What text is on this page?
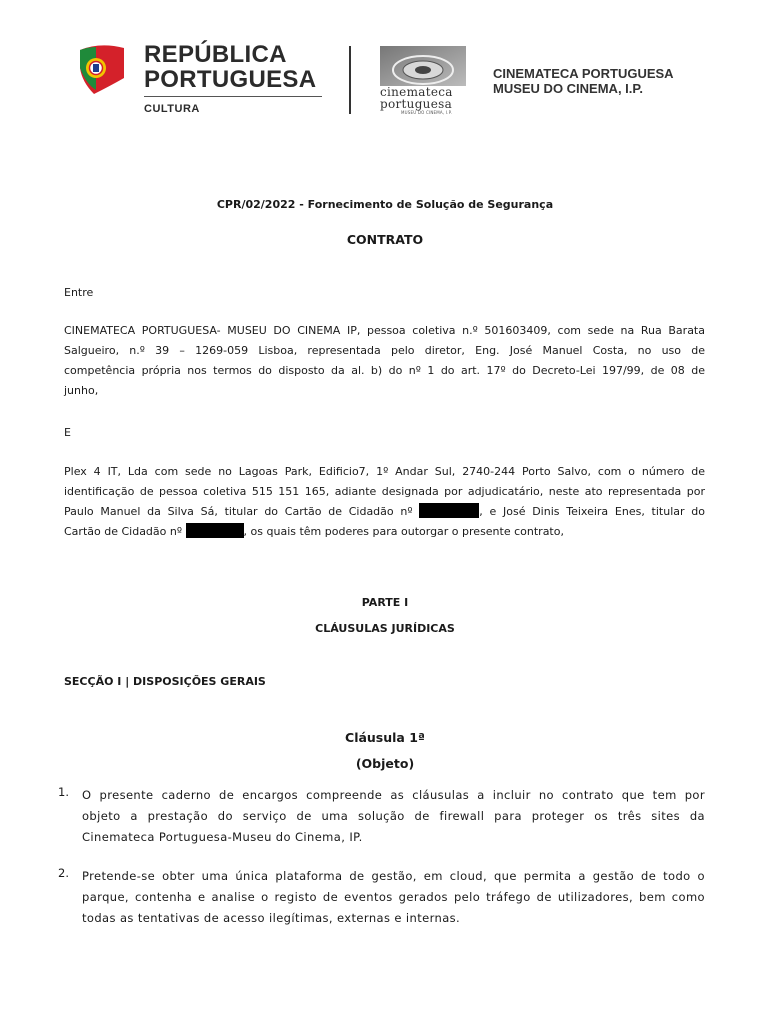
REPÚBLICA
PORTUGUESA
CULTURA
cinemateca
portuguesa
MUSEU DO CINEMA, I.P.
CINEMATECA PORTUGUESA
MUSEU DO CINEMA, I.P.
CPR/02/2022 - Fornecimento de Solução de Segurança
CONTRATO
Entre
CINEMATECA PORTUGUESA- MUSEU DO CINEMA IP, pessoa coletiva n.º 501603409, com sede na Rua Barata
Salgueiro, n.º 39 – 1269-059 Lisboa, representada pelo diretor, Eng. José Manuel Costa, no uso de
competência própria nos termos do disposto da al. b) do nº 1 do art. 17º do Decreto-Lei 197/99, de 08 de
junho,
E
Plex 4 IT, Lda com sede no Lagoas Park, Edificio7, 1º Andar Sul, 2740-244 Porto Salvo, com o número de
identificação de pessoa coletiva 515 151 165, adiante designada por adjudicatário, neste ato representada por
Paulo Manuel da Silva Sá, titular do Cartão de Cidadão nº	, e José Dinis Teixeira Enes, titular do
Cartão de Cidadão nº	, os quais têm poderes para outorgar o presente contrato,
PARTE I
CLÁUSULAS JURÍDICAS
SECÇÃO I | DISPOSIÇÕES GERAIS
Cláusula 1ª
(Objeto)
1. O presente caderno de encargos compreende as cláusulas a incluir no contrato que tem por
objeto a prestação do serviço de uma solução de firewall para proteger os três sites da
Cinemateca Portuguesa-Museu do Cinema, IP.
2. Pretende-se obter uma única plataforma de gestão, em cloud, que permita a gestão de todo o
parque, contenha e analise o registo de eventos gerados pelo tráfego de utilizadores, bem como
todas as tentativas de acesso ilegítimas, externas e internas.
